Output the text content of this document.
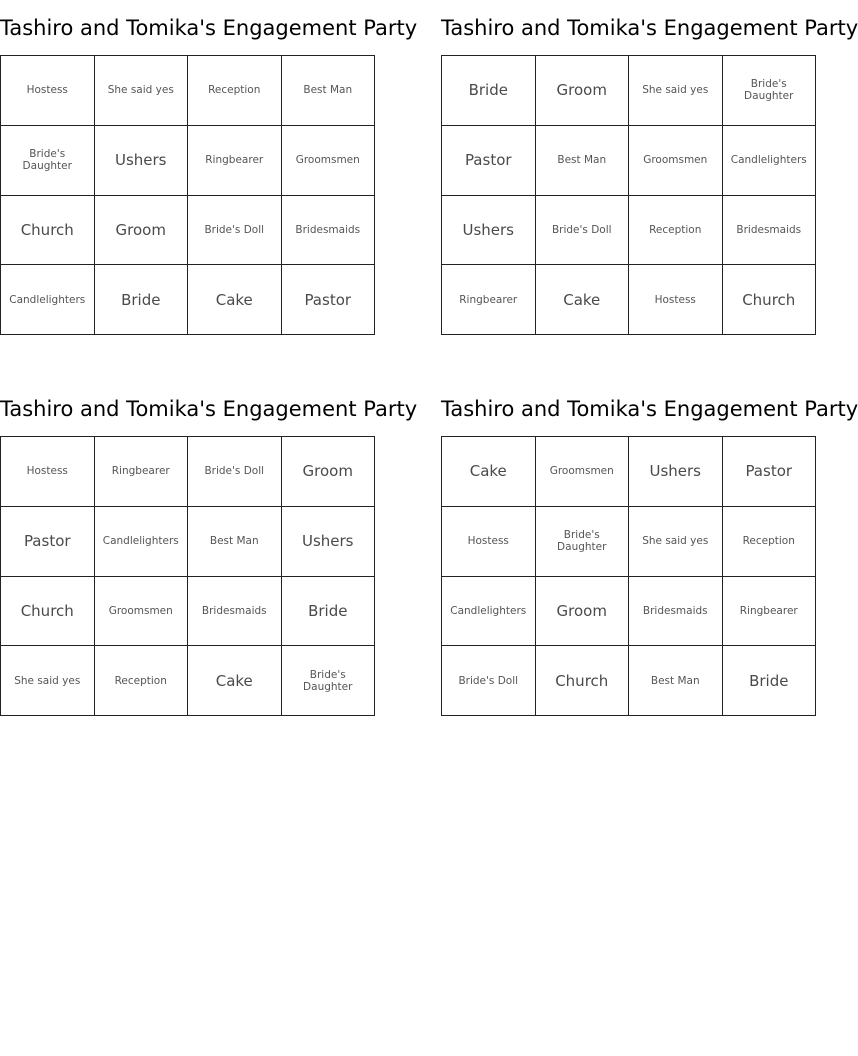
Tashiro and Tomika's Engagement Party
Hostess	She said yes	Reception	Best Man
Bride's Daughter	Ushers	Ringbearer	Groomsmen
Church	Groom	Bride's Doll	Bridesmaids
Candlelighters	Bride	Cake	Pastor
Tashiro and Tomika's Engagement Party
Bride	Groom	She said yes	Bride's Daughter
Pastor	Best Man	Groomsmen	Candlelighters
Ushers	Bride's Doll	Reception	Bridesmaids
Ringbearer	Cake	Hostess	Church
Tashiro and Tomika's Engagement Party
Hostess	Ringbearer	Bride's Doll	Groom
Pastor	Candlelighters	Best Man	Ushers
Church	Groomsmen	Bridesmaids	Bride
She said yes	Reception	Cake	Bride's Daughter
Tashiro and Tomika's Engagement Party
Cake	Groomsmen	Ushers	Pastor
Hostess	Bride's Daughter	She said yes	Reception
Candlelighters	Groom	Bridesmaids	Ringbearer
Bride's Doll	Church	Best Man	Bride
